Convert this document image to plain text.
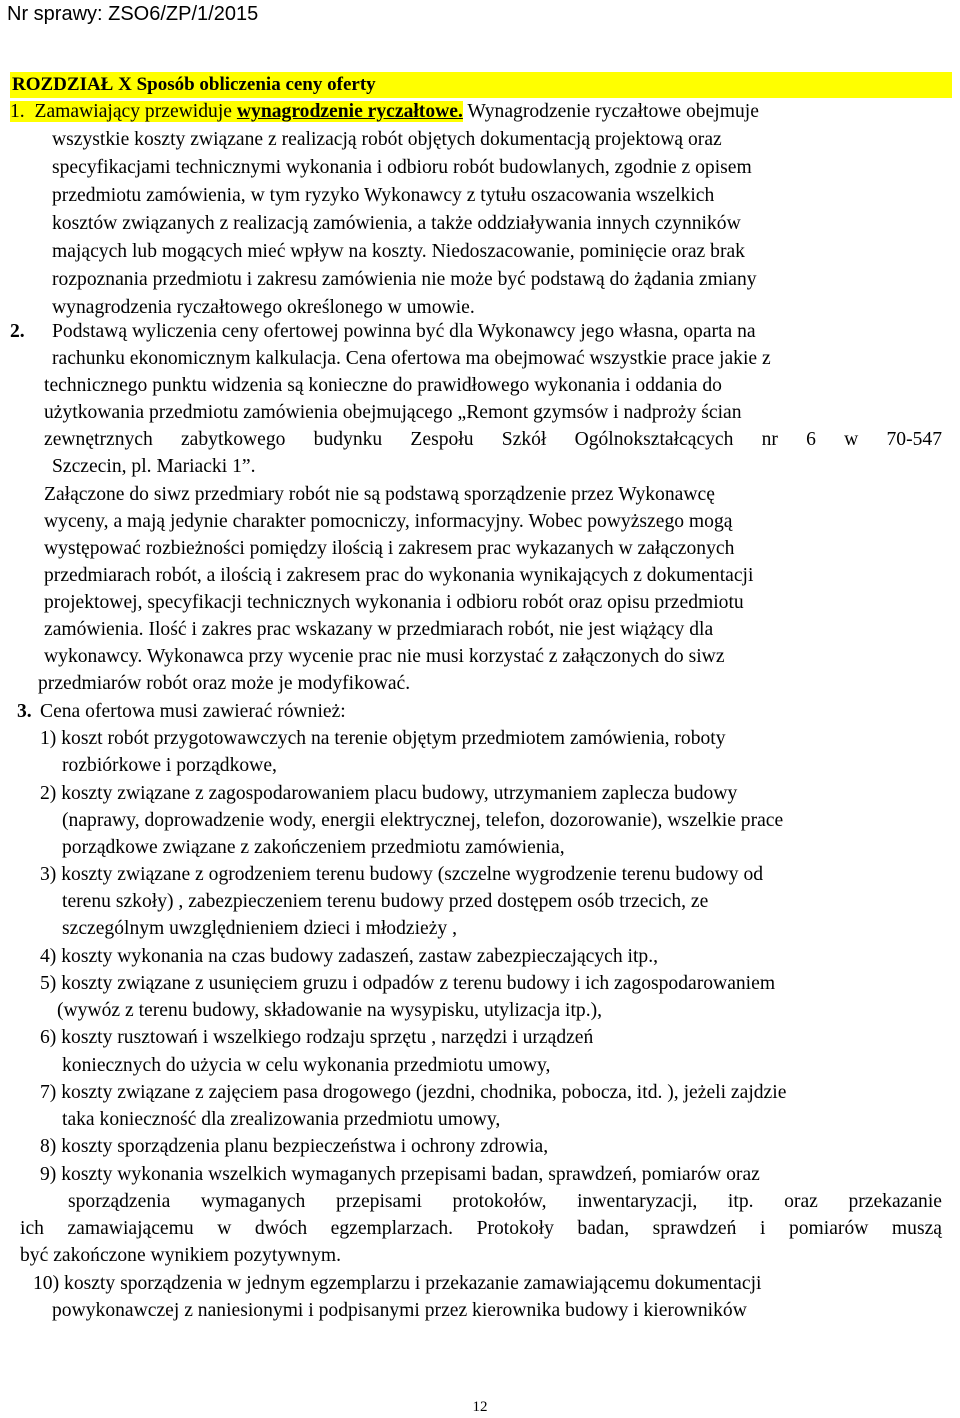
Nr sprawy: ZSO6/ZP/1/2015
ROZDZIAŁ X Sposób obliczenia ceny oferty
1. Zamawiający przewiduje wynagrodzenie ryczałtowe. Wynagrodzenie ryczałtowe obejmuje
wszystkie koszty związane z realizacją robót objętych dokumentacją projektową oraz
specyfikacjami technicznymi wykonania i odbioru robót budowlanych, zgodnie z opisem
przedmiotu zamówienia, w tym ryzyko Wykonawcy z tytułu oszacowania wszelkich
kosztów związanych z realizacją zamówienia, a także oddziaływania innych czynników
mających lub mogących mieć wpływ na koszty. Niedoszacowanie, pominięcie oraz brak
rozpoznania przedmiotu i zakresu zamówienia nie może być podstawą do żądania zmiany
wynagrodzenia ryczałtowego określonego w umowie.
2. Podstawą wyliczenia ceny ofertowej powinna być dla Wykonawcy jego własna, oparta na
rachunku ekonomicznym kalkulacja. Cena ofertowa ma obejmować wszystkie prace jakie z
technicznego punktu widzenia są konieczne do prawidłowego wykonania i oddania do
użytkowania przedmiotu zamówienia obejmującego „Remont gzymsów i nadproży ścian
zewnętrznych zabytkowego budynku Zespołu Szkół Ogólnokształcących nr 6 w 70-547
Szczecin, pl. Mariacki 1”.
Załączone do siwz przedmiary robót nie są podstawą sporządzenie przez Wykonawcę
wyceny, a mają jedynie charakter pomocniczy, informacyjny. Wobec powyższego mogą
występować rozbieżności pomiędzy ilością i zakresem prac wykazanych w załączonych
przedmiarach robót, a ilością i zakresem prac do wykonania wynikających z dokumentacji
projektowej, specyfikacji technicznych wykonania i odbioru robót oraz opisu przedmiotu
zamówienia. Ilość i zakres prac wskazany w przedmiarach robót, nie jest wiążący dla
wykonawcy. Wykonawca przy wycenie prac nie musi korzystać z załączonych do siwz
przedmiarów robót oraz może je modyfikować.
3. Cena ofertowa musi zawierać również:
1) koszt robót przygotowawczych na terenie objętym przedmiotem zamówienia, roboty
rozbiórkowe i porządkowe,
2) koszty związane z zagospodarowaniem placu budowy, utrzymaniem zaplecza budowy
(naprawy, doprowadzenie wody, energii elektrycznej, telefon, dozorowanie), wszelkie prace
porządkowe związane z zakończeniem przedmiotu zamówienia,
3) koszty związane z ogrodzeniem terenu budowy (szczelne wygrodzenie terenu budowy od
terenu szkoły) , zabezpieczeniem terenu budowy przed dostępem osób trzecich, ze
szczególnym uwzględnieniem dzieci i młodzieży ,
4) koszty wykonania na czas budowy zadaszeń, zastaw zabezpieczających itp.,
5) koszty związane z usunięciem gruzu i odpadów z terenu budowy i ich zagospodarowaniem
(wywóz z terenu budowy, składowanie na wysypisku, utylizacja itp.),
6) koszty rusztowań i wszelkiego rodzaju sprzętu , narzędzi i urządzeń
koniecznych do użycia w celu wykonania przedmiotu umowy,
7) koszty związane z zajęciem pasa drogowego (jezdni, chodnika, pobocza, itd. ), jeżeli zajdzie
taka konieczność dla zrealizowania przedmiotu umowy,
8) koszty sporządzenia planu bezpieczeństwa i ochrony zdrowia,
9) koszty wykonania wszelkich wymaganych przepisami badan, sprawdzeń, pomiarów oraz
sporządzenia wymaganych przepisami protokołów, inwentaryzacji, itp. oraz przekazanie
ich zamawiającemu w dwóch egzemplarzach. Protokoły badan, sprawdzeń i pomiarów muszą
być zakończone wynikiem pozytywnym.
10) koszty sporządzenia w jednym egzemplarzu i przekazanie zamawiającemu dokumentacji
powykonawczej z naniesionymi i podpisanymi przez kierownika budowy i kierowników
12
